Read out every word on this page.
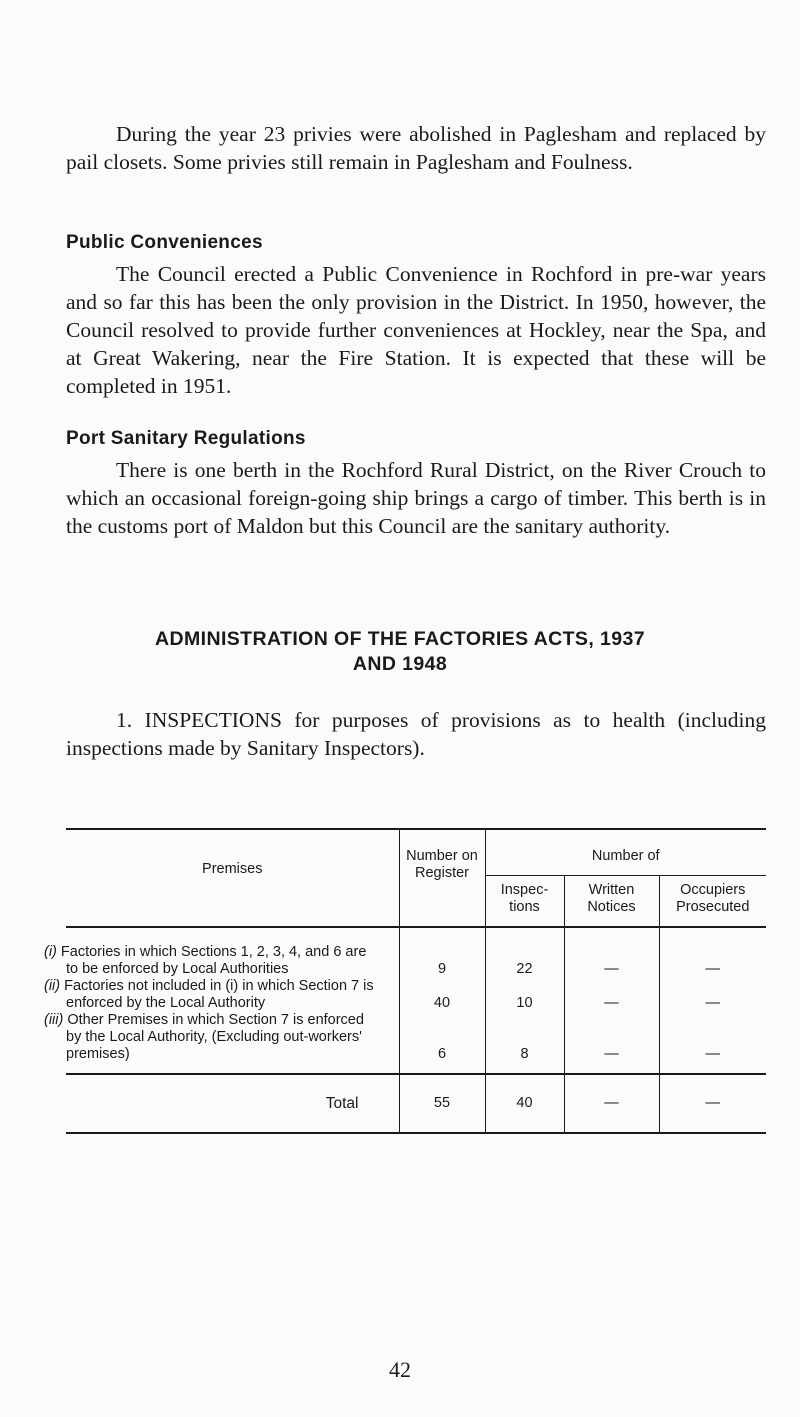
During the year 23 privies were abolished in Paglesham and replaced by pail closets. Some privies still remain in Paglesham and Foulness.

Public Conveniences

The Council erected a Public Convenience in Rochford in pre-war years and so far this has been the only provision in the District. In 1950, however, the Council resolved to provide further conveniences at Hockley, near the Spa, and at Great Wakering, near the Fire Station. It is expected that these will be completed in 1951.

Port Sanitary Regulations

There is one berth in the Rochford Rural District, on the River Crouch to which an occasional foreign-going ship brings a cargo of timber. This berth is in the customs port of Maldon but this Council are the sanitary authority.

ADMINISTRATION OF THE FACTORIES ACTS, 1937
AND 1948

1. INSPECTIONS for purposes of provisions as to health (including inspections made by Sanitary Inspectors).

Premises	Number on Register	Number of		
		Inspec- tions	Written Notices	Occupiers Prosecuted
(i) Factories in which Sections 1, 2, 3, 4, and 6 are to be enforced by Local Authorities	9	22	—	—
(ii) Factories not included in (i) in which Section 7 is enforced by the Local Authority	40	10	—	—
(iii) Other Premises in which Section 7 is enforced by the Local Authority, (Excluding out-workers' premises)	6	8	—	—
Total	55	40	—	—
42
